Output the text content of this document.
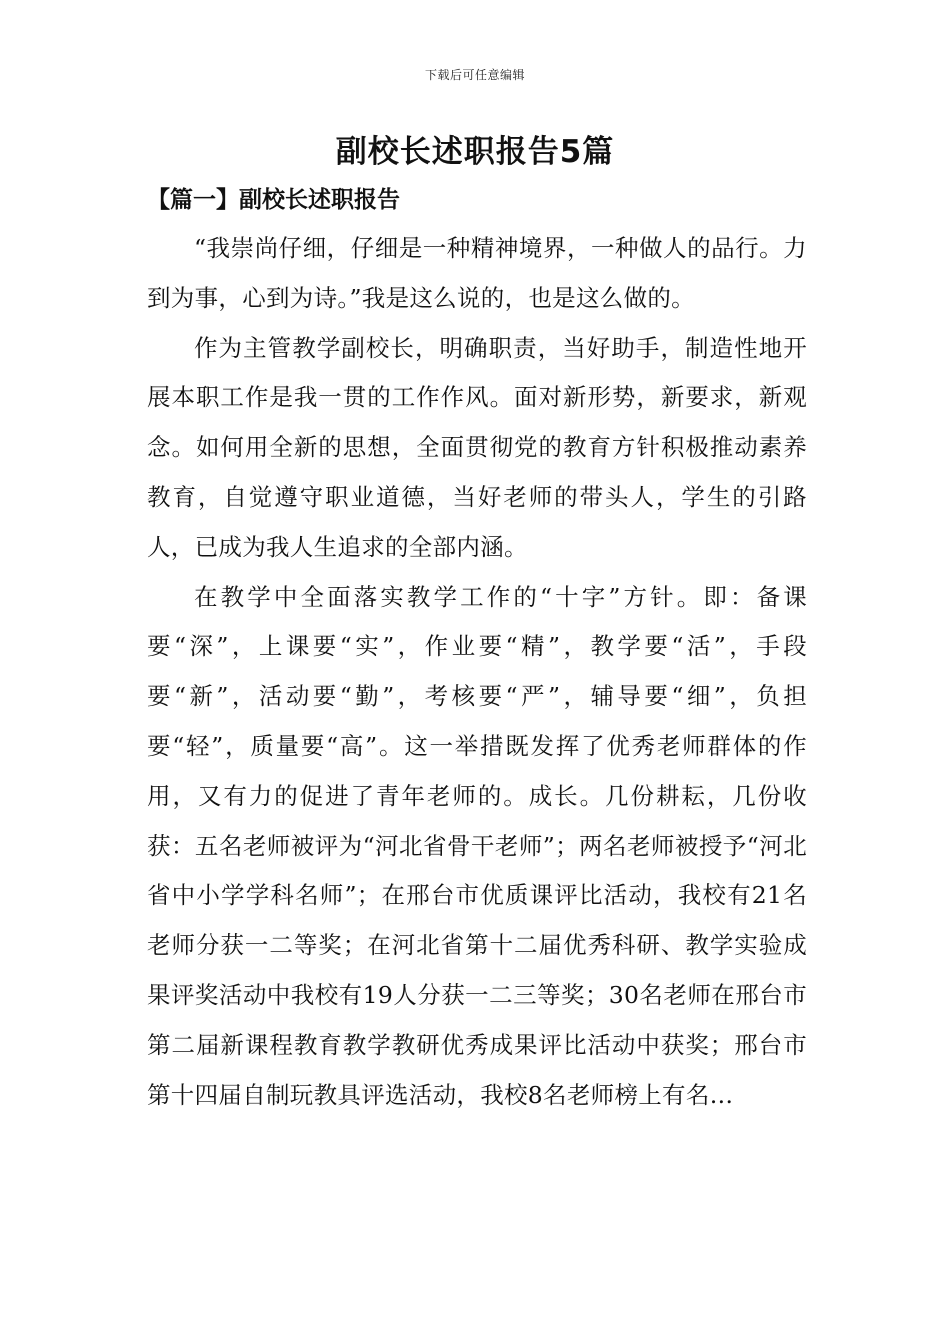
下载后可任意编辑
副校长述职报告5篇
【篇一】副校长述职报告

“我崇尚仔细，仔细是一种精神境界，一种做人的品行。力到为事，心到为诗。”我是这么说的，也是这么做的。

作为主管教学副校长，明确职责，当好助手，制造性地开展本职工作是我一贯的工作作风。面对新形势，新要求，新观念。如何用全新的思想，全面贯彻党的教育方针积极推动素养教育，自觉遵守职业道德，当好老师的带头人，学生的引路人，已成为我人生追求的全部内涵。

在教学中全面落实教学工作的“十字”方针。即：备课要“深”，上课要“实”，作业要“精”，教学要“活”，手段要“新”，活动要“勤”，考核要“严”，辅导要“细”，负担要“轻”，质量要“高”。这一举措既发挥了优秀老师群体的作用，又有力的促进了青年老师的。成长。几份耕耘，几份收获：五名老师被评为“河北省骨干老师”；两名老师被授予“河北省中小学学科名师”；在邢台市优质课评比活动，我校有21名老师分获一二等奖；在河北省第十二届优秀科研、教学实验成果评奖活动中我校有19人分获一二三等奖；30名老师在邢台市第二届新课程教育教学教研优秀成果评比活动中获奖；邢台市第十四届自制玩教具评选活动，我校8名老师榜上有名…
